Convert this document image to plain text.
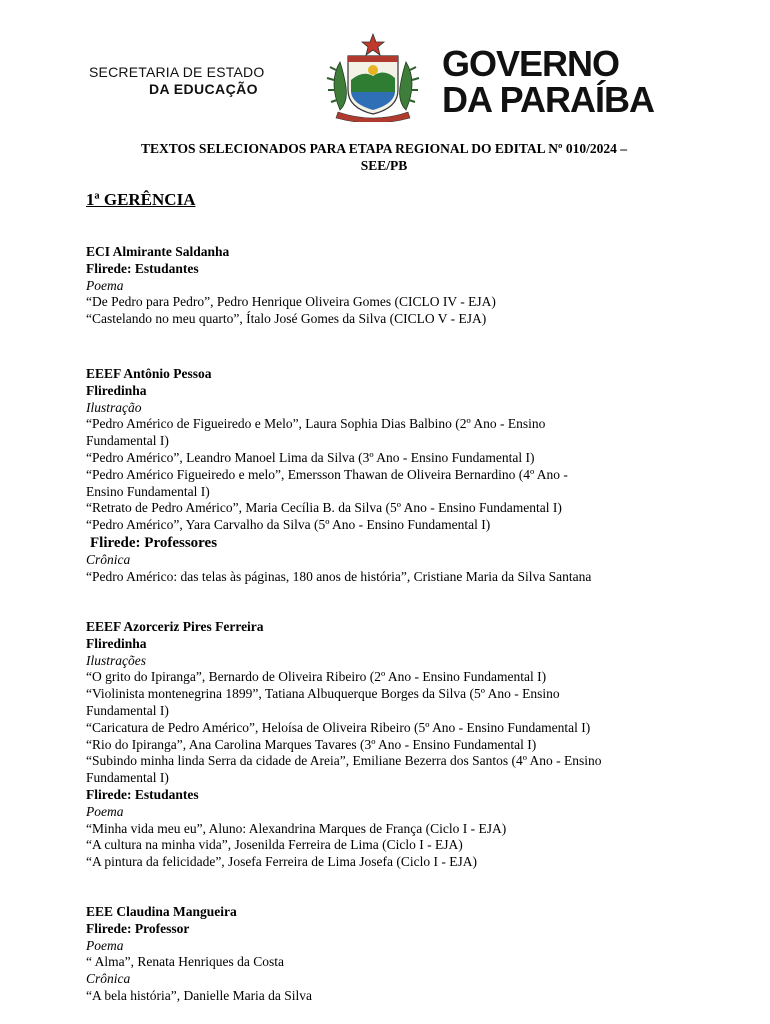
SECRETARIA DE ESTADO
DA EDUCAÇÃO
GOVERNO
DA PARAÍBA
TEXTOS SELECIONADOS PARA ETAPA REGIONAL DO EDITAL Nº 010/2024 –
SEE/PB
1ª GERÊNCIA
ECI Almirante Saldanha
Flirede: Estudantes
Poema
“De Pedro para Pedro”, Pedro Henrique Oliveira Gomes (CICLO IV - EJA)
“Castelando no meu quarto”, Ítalo José Gomes da Silva (CICLO V - EJA)
EEEF Antônio Pessoa
Fliredinha
Ilustração
“Pedro Américo de Figueiredo e Melo”, Laura Sophia Dias Balbino (2º Ano - Ensino
Fundamental I)
“Pedro Américo”, Leandro Manoel Lima da Silva (3º Ano - Ensino Fundamental I)
“Pedro Américo Figueiredo e melo”, Emersson Thawan de Oliveira Bernardino (4º Ano -
Ensino Fundamental I)
“Retrato de Pedro Américo”, Maria Cecília B. da Silva (5º Ano - Ensino Fundamental I)
“Pedro Américo”, Yara Carvalho da Silva (5º Ano - Ensino Fundamental I)
Flirede: Professores
Crônica
“Pedro Américo: das telas às páginas, 180 anos de história”, Cristiane Maria da Silva Santana
EEEF Azorceriz Pires Ferreira
Fliredinha
Ilustrações
“O grito do Ipiranga”, Bernardo de Oliveira Ribeiro (2º Ano - Ensino Fundamental I)
“Violinista montenegrina 1899”, Tatiana Albuquerque Borges da Silva (5º Ano - Ensino
Fundamental I)
“Caricatura de Pedro Américo”, Heloísa de Oliveira Ribeiro (5º Ano - Ensino Fundamental I)
“Rio do Ipiranga”, Ana Carolina Marques Tavares (3º Ano - Ensino Fundamental I)
“Subindo minha linda Serra da cidade de Areia”, Emiliane Bezerra dos Santos (4º Ano - Ensino
Fundamental I)
Flirede: Estudantes
Poema
“Minha vida meu eu”, Aluno: Alexandrina Marques de França (Ciclo I - EJA)
“A cultura na minha vida”, Josenilda Ferreira de Lima (Ciclo I - EJA)
“A pintura da felicidade”, Josefa Ferreira de Lima Josefa (Ciclo I - EJA)
EEE Claudina Mangueira
Flirede: Professor
Poema
“ Alma”, Renata Henriques da Costa
Crônica
“A bela história”, Danielle Maria da Silva
